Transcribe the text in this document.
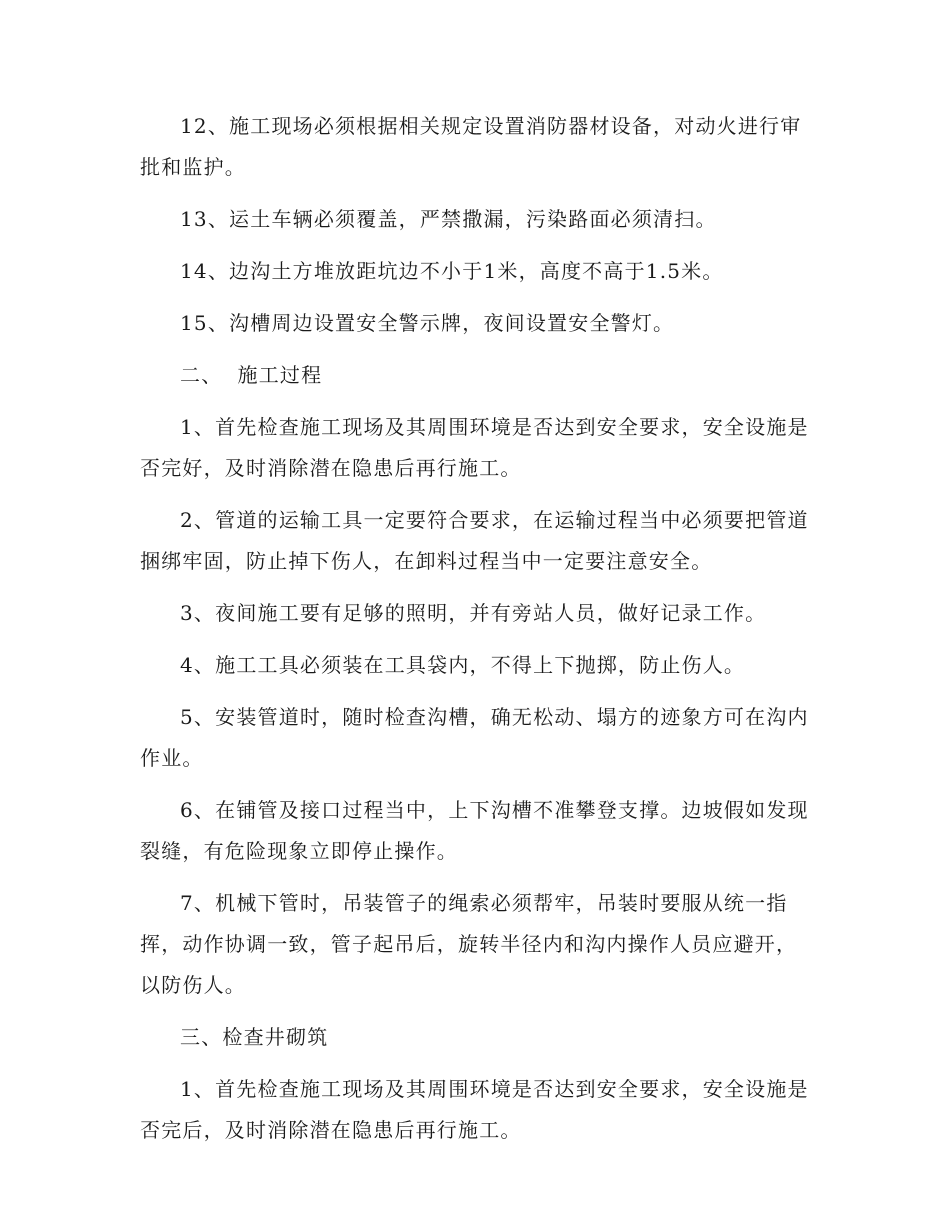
12、施工现场必须根据相关规定设置消防器材设备，对动火进行审批和监护。

13、运土车辆必须覆盖，严禁撒漏，污染路面必须清扫。

14、边沟土方堆放距坑边不小于1米，高度不高于1.5米。

15、沟槽周边设置安全警示牌，夜间设置安全警灯。

二、  施工过程

1、首先检查施工现场及其周围环境是否达到安全要求，安全设施是否完好，及时消除潜在隐患后再行施工。

2、管道的运输工具一定要符合要求，在运输过程当中必须要把管道捆绑牢固，防止掉下伤人，在卸料过程当中一定要注意安全。

3、夜间施工要有足够的照明，并有旁站人员，做好记录工作。

4、施工工具必须装在工具袋内，不得上下抛掷，防止伤人。

5、安装管道时，随时检查沟槽，确无松动、塌方的迹象方可在沟内作业。

6、在铺管及接口过程当中，上下沟槽不准攀登支撑。边坡假如发现裂缝，有危险现象立即停止操作。

7、机械下管时，吊装管子的绳索必须帮牢，吊装时要服从统一指挥，动作协调一致，管子起吊后，旋转半径内和沟内操作人员应避开，以防伤人。

三、检查井砌筑

1、首先检查施工现场及其周围环境是否达到安全要求，安全设施是否完后，及时消除潜在隐患后再行施工。
